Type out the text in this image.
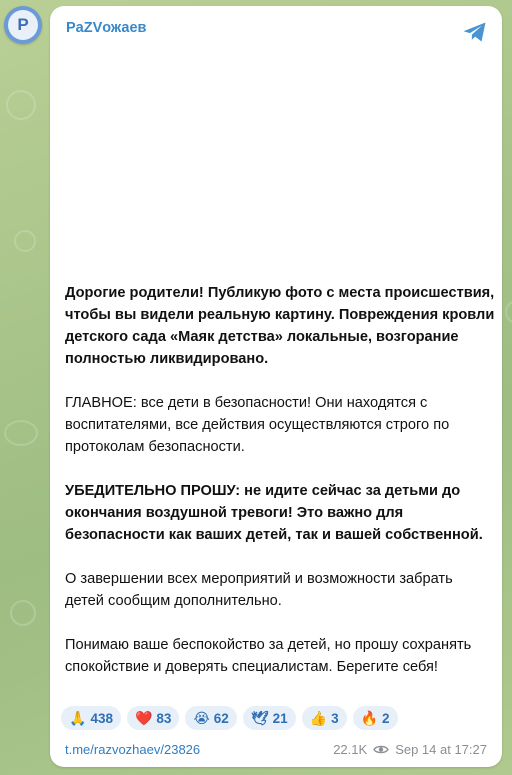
P	PaZVожаев

Дорогие родители! Публикую фото с места происшествия, чтобы вы видели реальную картину. Повреждения кровли детского сада «Маяк детства» локальные, возгорание полностью ликвидировано.

ГЛАВНОЕ: все дети в безопасности! Они находятся с воспитателями, все действия осуществляются строго по протоколам безопасности.

УБЕДИТЕЛЬНО ПРОШУ: не идите сейчас за детьми до окончания воздушной тревоги! Это важно для безопасности как ваших детей, так и вашей собственной.

О завершении всех мероприятий и возможности забрать детей сообщим дополнительно.

Понимаю ваше беспокойство за детей, но прошу сохранять спокойствие и доверять специалистам. Берегите себя!

🙏 438 ❤️ 83 😭 62 🕊 21 👍 3 🔥 2
t.me/razvozhaev/23826	22.1K Sep 14 at 17:27
